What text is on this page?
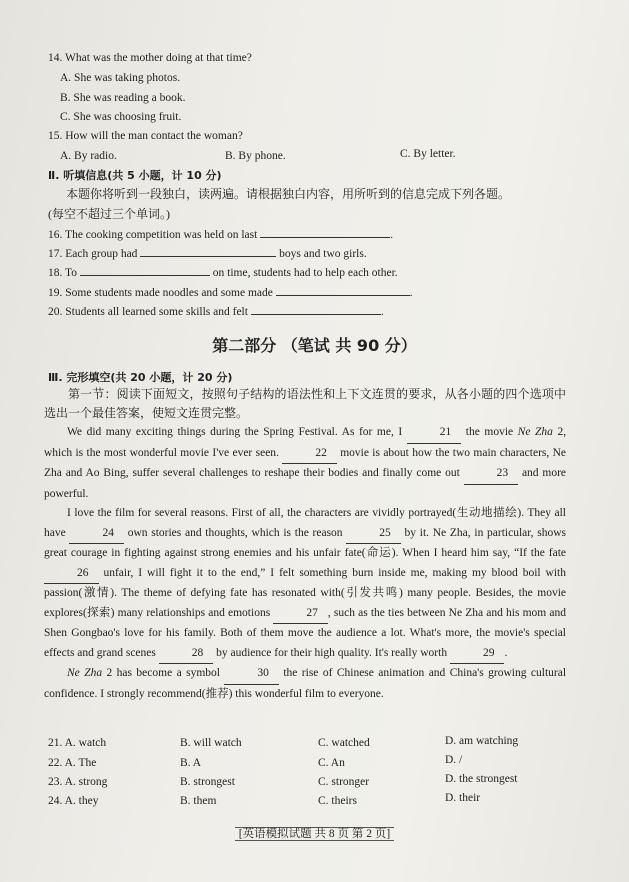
14. What was the mother doing at that time?
A. She was taking photos.
B. She was reading a book.
C. She was choosing fruit.
15. How will the man contact the woman?
A. By radio.	B. By phone.	C. By letter.
Ⅱ. 听填信息(共 5 小题，计 10 分)
本题你将听到一段独白，读两遍。请根据独白内容，用所听到的信息完成下列各题。
(每空不超过三个单词。)
16. The cooking competition was held on last	.
17. Each group had	boys and two girls.
18. To	on time, students had to help each other.
19. Some students made noodles and some made	.
20. Students all learned some skills and felt	.
第二部分 （笔试 共 90 分）
Ⅲ. 完形填空(共 20 小题，计 20 分)

第一节：阅读下面短文，按照句子结构的语法性和上下文连贯的要求，从各小题的四个选项中选出一个最佳答案，使短文连贯完整。

We did many exciting things during the Spring Festival. As for me, I	21 the movie Ne Zha 2, which is the most wonderful movie I've ever seen.	22 movie is about how the two main characters, Ne Zha and Ao Bing, suffer several challenges to reshape their bodies and finally come out	23 and more powerful.

I love the film for several reasons. First of all, the characters are vividly portrayed(生动地描绘). They all have	24 own stories and thoughts, which is the reason	25 by it. Ne Zha, in particular, shows great courage in fighting against strong enemies and his unfair fate(命运). When I heard him say, “If the fate 26 unfair, I will fight it to the end,” I felt something burn inside me, making my blood boil with passion(激情). The theme of defying fate has resonated with(引发共鸣) many people. Besides, the movie explores(探索) many relationships and emotions	27 , such as the ties between Ne Zha and his mom and Shen Gongbao's love for his family. Both of them move the audience a lot. What's more, the movie's special effects and grand scenes	28 by audience for their high quality. It's really worth	29 .

Ne Zha 2 has become a symbol	30 the rise of Chinese animation and China's growing cultural confidence. I strongly recommend(推荐) this wonderful film to everyone.

21. A. watch	B. will watch	C. watched	D. am watching
22. A. The	B. A	C. An	D. /
23. A. strong	B. strongest	C. stronger	D. the strongest
24. A. they	B. them	C. theirs	D. their
[英语模拟试题 共 8 页 第 2 页]
